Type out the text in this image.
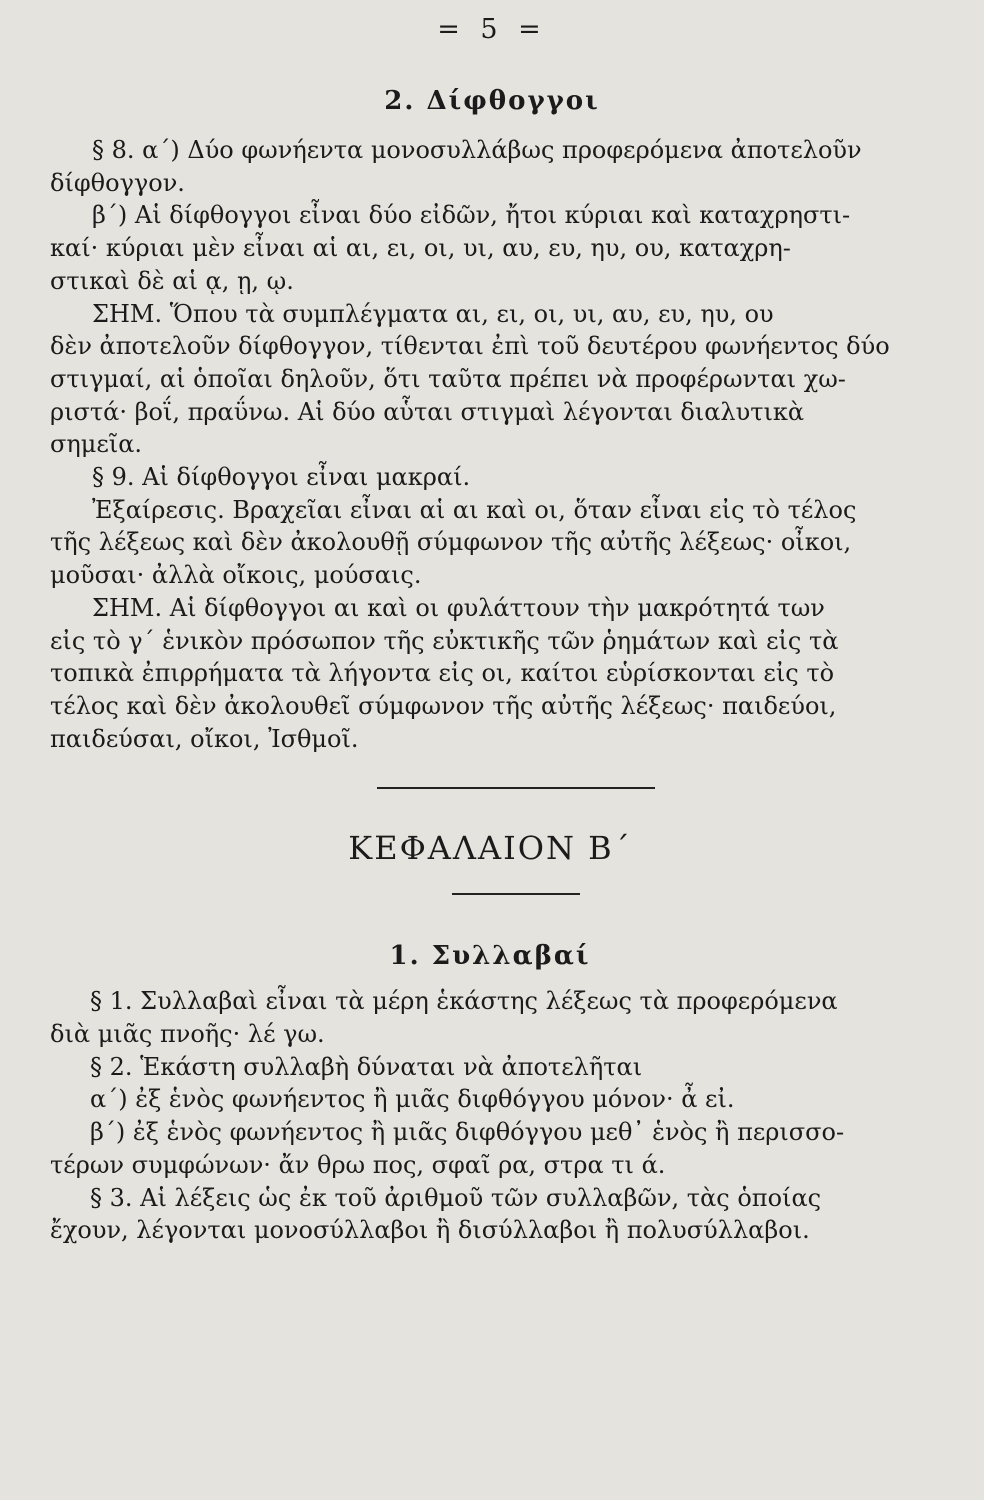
= 5 =
2. Δίφθογγοι
§ 8. α΄) Δύο φωνήεντα μονοσυλλάβως προφερόμενα ἀποτελοῦν
δίφθογγον.
β΄) Αἱ δίφθογγοι εἶναι δύο εἰδῶν, ἤτοι κύριαι καὶ καταχρηστι-
καί· κύριαι μὲν εἶναι αἱ αι, ει, οι, υι, αυ, ευ, ηυ, ου, καταχρη-
στικαὶ δὲ αἱ ᾳ, ῃ, ῳ.
ΣΗΜ. Ὅπου τὰ συμπλέγματα αι, ει, οι, υι, αυ, ευ, ηυ, ου
δὲν ἀποτελοῦν δίφθογγον, τίθενται ἐπὶ τοῦ δευτέρου φωνήεντος δύο
στιγμαί, αἱ ὁποῖαι δηλοῦν, ὅτι ταῦτα πρέπει νὰ προφέρωνται χω-
ριστά· βοΐ, πραΰνω. Αἱ δύο αὗται στιγμαὶ λέγονται διαλυτικὰ
σημεῖα.
§ 9. Αἱ δίφθογγοι εἶναι μακραί.
Ἐξαίρεσις. Βραχεῖαι εἶναι αἱ αι καὶ οι, ὅταν εἶναι εἰς τὸ τέλος
τῆς λέξεως καὶ δὲν ἀκολουθῇ σύμφωνον τῆς αὐτῆς λέξεως· οἶκοι,
μοῦσαι· ἀλλὰ οἴκοις, μούσαις.
ΣΗΜ. Αἱ δίφθογγοι αι καὶ οι φυλάττουν τὴν μακρότητά των
εἰς τὸ γ΄ ἑνικὸν πρόσωπον τῆς εὐκτικῆς τῶν ῥημάτων καὶ εἰς τὰ
τοπικὰ ἐπιρρήματα τὰ λήγοντα εἰς οι, καίτοι εὑρίσκονται εἰς τὸ
τέλος καὶ δὲν ἀκολουθεῖ σύμφωνον τῆς αὐτῆς λέξεως· παιδεύοι,
παιδεύσαι, οἴκοι, Ἰσθμοῖ.
ΚΕΦΑΛΑΙΟΝ Β΄
1. Συλλαβαί
§ 1. Συλλαβαὶ εἶναι τὰ μέρη ἑκάστης λέξεως τὰ προφερόμενα
διὰ μιᾶς πνοῆς· λέ γω.
§ 2. Ἑκάστη συλλαβὴ δύναται νὰ ἀποτελῆται
α΄) ἐξ ἑνὸς φωνήεντος ἢ μιᾶς διφθόγγου μόνον· ἆ εἰ.
β΄) ἐξ ἑνὸς φωνήεντος ἢ μιᾶς διφθόγγου μεθ᾽ ἑνὸς ἢ περισσο-
τέρων συμφώνων· ἄν θρω πος, σφαῖ ρα, στρα τι ά.
§ 3. Αἱ λέξεις ὡς ἐκ τοῦ ἀριθμοῦ τῶν συλλαβῶν, τὰς ὁποίας
ἔχουν, λέγονται μονοσύλλαβοι ἢ δισύλλαβοι ἢ πολυσύλλαβοι.
